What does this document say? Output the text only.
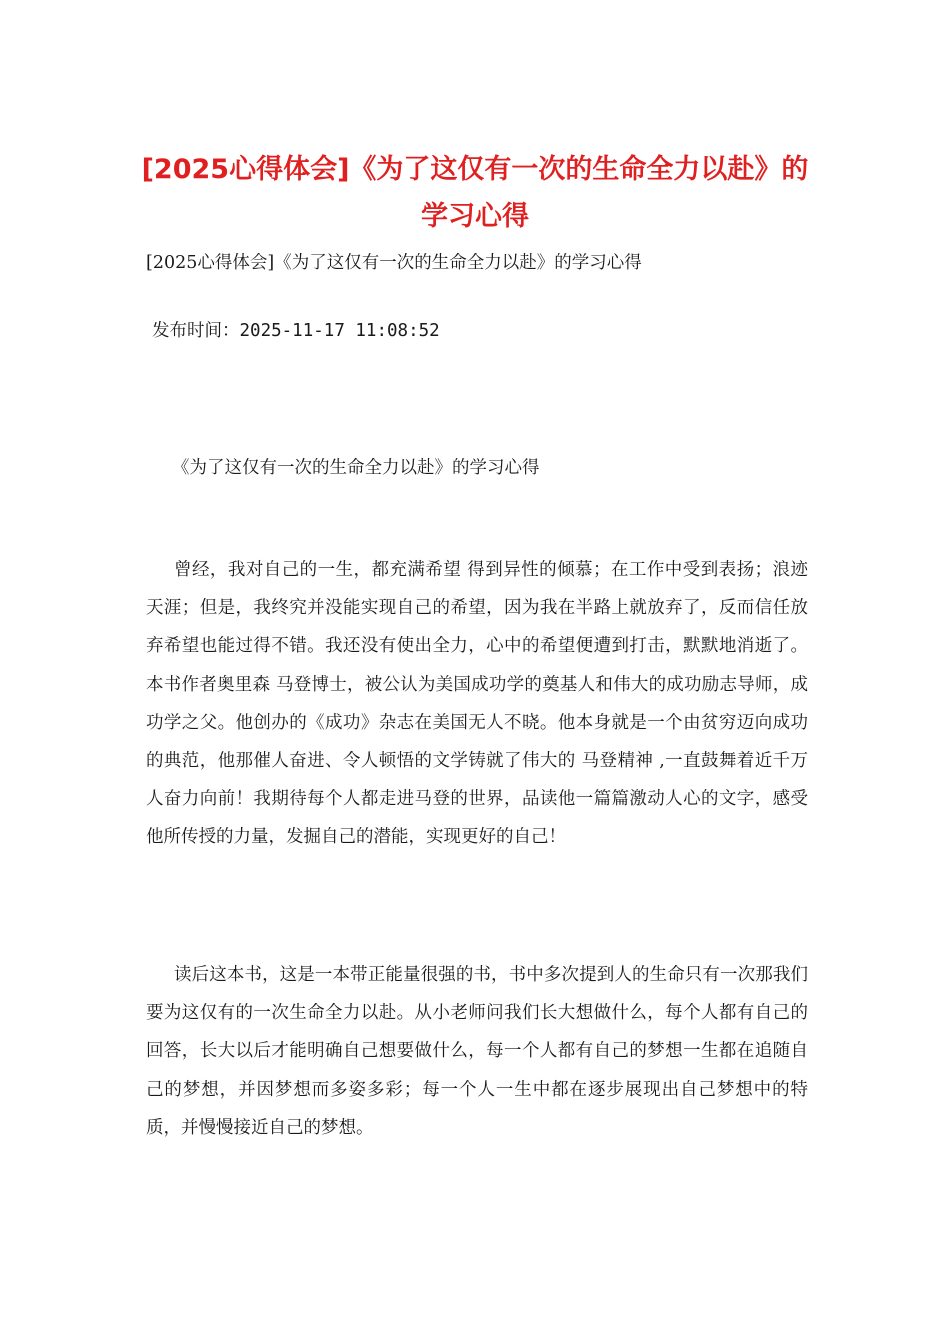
[2025心得体会]《为了这仅有一次的生命全力以赴》的学习心得
[2025心得体会]《为了这仅有一次的生命全力以赴》的学习心得
发布时间：2025-11-17 11:08:52
《为了这仅有一次的生命全力以赴》的学习心得

曾经，我对自己的一生，都充满希望 得到异性的倾慕；在工作中受到表扬；浪迹天涯；但是，我终究并没能实现自己的希望，因为我在半路上就放弃了，反而信任放弃希望也能过得不错。我还没有使出全力，心中的希望便遭到打击，默默地消逝了。本书作者奥里森 马登博士，被公认为美国成功学的奠基人和伟大的成功励志导师，成功学之父。他创办的《成功》杂志在美国无人不晓。他本身就是一个由贫穷迈向成功的典范，他那催人奋进、令人顿悟的文学铸就了伟大的 马登精神 ,一直鼓舞着近千万人奋力向前！我期待每个人都走进马登的世界，品读他一篇篇激动人心的文字，感受他所传授的力量，发掘自己的潜能，实现更好的自己！

读后这本书，这是一本带正能量很强的书，书中多次提到人的生命只有一次那我们要为这仅有的一次生命全力以赴。从小老师问我们长大想做什么，每个人都有自己的回答，长大以后才能明确自己想要做什么，每一个人都有自己的梦想一生都在追随自己的梦想，并因梦想而多姿多彩；每一个人一生中都在逐步展现出自己梦想中的特质，并慢慢接近自己的梦想。
